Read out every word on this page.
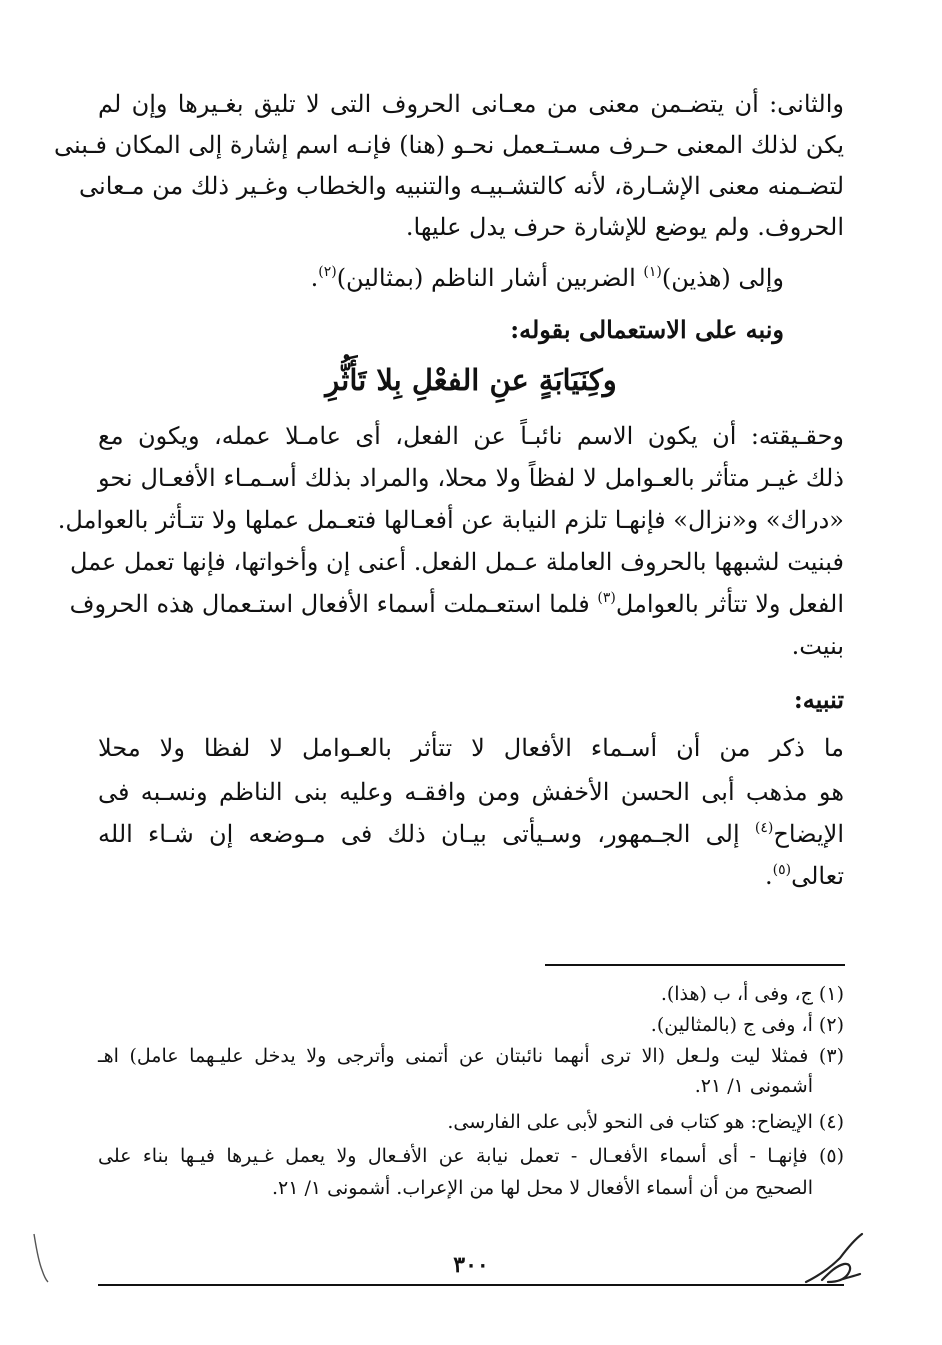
والثانى: أن يتضـمن معنى من معـانى الحروف التى لا تليق بغـيرها وإن لم
يكن لذلك المعنى حـرف مسـتـعمل نحـو (هنا) فإنـه اسم إشارة إلى المكان فـبنى
لتضـمنه معنى الإشـارة، لأنه كالتشـبيـه والتنبيه والخطاب وغـير ذلك من مـعانى
الحروف. ولم يوضع للإشارة حرف يدل عليها.
وإلى (هذين)$^{(١)}$ الضربين أشار الناظم (بمثالين)$^{(٢)}$.
ونبه على الاستعمالى بقوله:
وكِنَيَابَةٍ عنِ الفعْلِ بِلا تَأَثُّرِ
وحقـيقته: أن يكون الاسم نائبـاً عن الفعل، أى عامـلا عمله، ويكون مع
ذلك غيـر متأثر بالعـوامل لا لفظاً ولا محلا، والمراد بذلك أسـمـاء الأفعـال نحو
«دراك» و«نزال» فإنهـا تلزم النيابة عن أفعـالها فتعـمل عملها ولا تتـأثر بالعوامل.
فبنيت لشبهها بالحروف العاملة عـمل الفعل. أعنى إن وأخواتها، فإنها تعمل عمل
الفعل ولا تتأثر بالعوامل$^{(٣)}$ فلما استعـملت أسماء الأفعال استـعمال هذه الحروف
بنيت.
تنبيه:
ما ذكر من أن أسـماء الأفعال لا تتأثر بالعـوامل لا لفظا ولا محلا
هو مذهب أبى الحسن الأخفش ومن وافقـه وعليه بنى الناظم ونسـبه فى
الإيضاح$^{(٤)}$ إلى الجـمهور، وسـيأتى بيـان ذلك فى مـوضعه إن شـاء الله
تعالى$^{(٥)}$.
(١) ج، وفى أ، ب (هذا).
(٢) أ، وفى ج (بالمثالين).
(٣) فمثلا ليت ولـعل (الا ترى أنهما نائبتان عن أتمنى وأترجى ولا يدخل عليـهما عامل) اهـ
أشمونى ١/ ٢١.
(٤) الإيضاح: هو كتاب فى النحو لأبى على الفارسى.
(٥) فإنهـا - أى أسماء الأفعـال - تعمل نيابة عن الأفـعال ولا يعمل غـيرها فيـها بناء على
الصحيح من أن أسماء الأفعال لا محل لها من الإعراب. أشمونى ١/ ٢١.
٣٠٠
